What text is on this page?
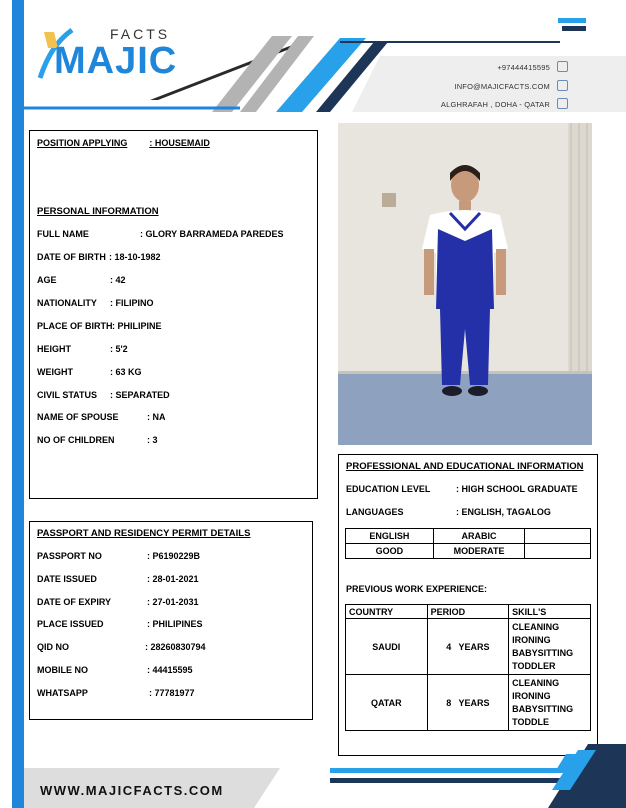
FACTS
MAJIC	+97444415595
INFO@MAJICFACTS.COM
ALGHRAFAH , DOHA - QATAR
POSITION APPLYING : HOUSEMAID
PERSONAL INFORMATION
FULL NAME	: GLORY BARRAMEDA PAREDES
DATE OF BIRTH : 18-10-1982
AGE	: 42
NATIONALITY : FILIPINO
PLACE OF BIRTH : PHILIPINE
HEIGHT	: 5'2
WEIGHT	: 63 KG
CIVIL STATUS : SEPARATED
NAME OF SPOUSE	: NA
NO OF CHILDREN	: 3
PASSPORT AND RESIDENCY PERMIT DETAILS
PASSPORT NO	: P6190229B
DATE ISSUED	: 28-01-2021
DATE OF EXPIRY	: 27-01-2031
PLACE ISSUED	: PHILIPINES
QID NO	: 28260830794
MOBILE NO	: 44415595
WHATSAPP	: 77781977
PROFESSIONAL AND EDUCATIONAL INFORMATION
EDUCATION LEVEL	: HIGH SCHOOL GRADUATE
LANGUAGES	: ENGLISH, TAGALOG
ENGLISH	ARABIC	
GOOD	MODERATE	
PREVIOUS WORK EXPERIENCE:
COUNTRY	PERIOD	SKILL'S
SAUDI	4   YEARS	CLEANING
IRONING
BABYSITTING
TODDLER

QATAR	8   YEARS	CLEANING
IRONING
BABYSITTING
TODDLE
WWW.MAJICFACTS.COM
